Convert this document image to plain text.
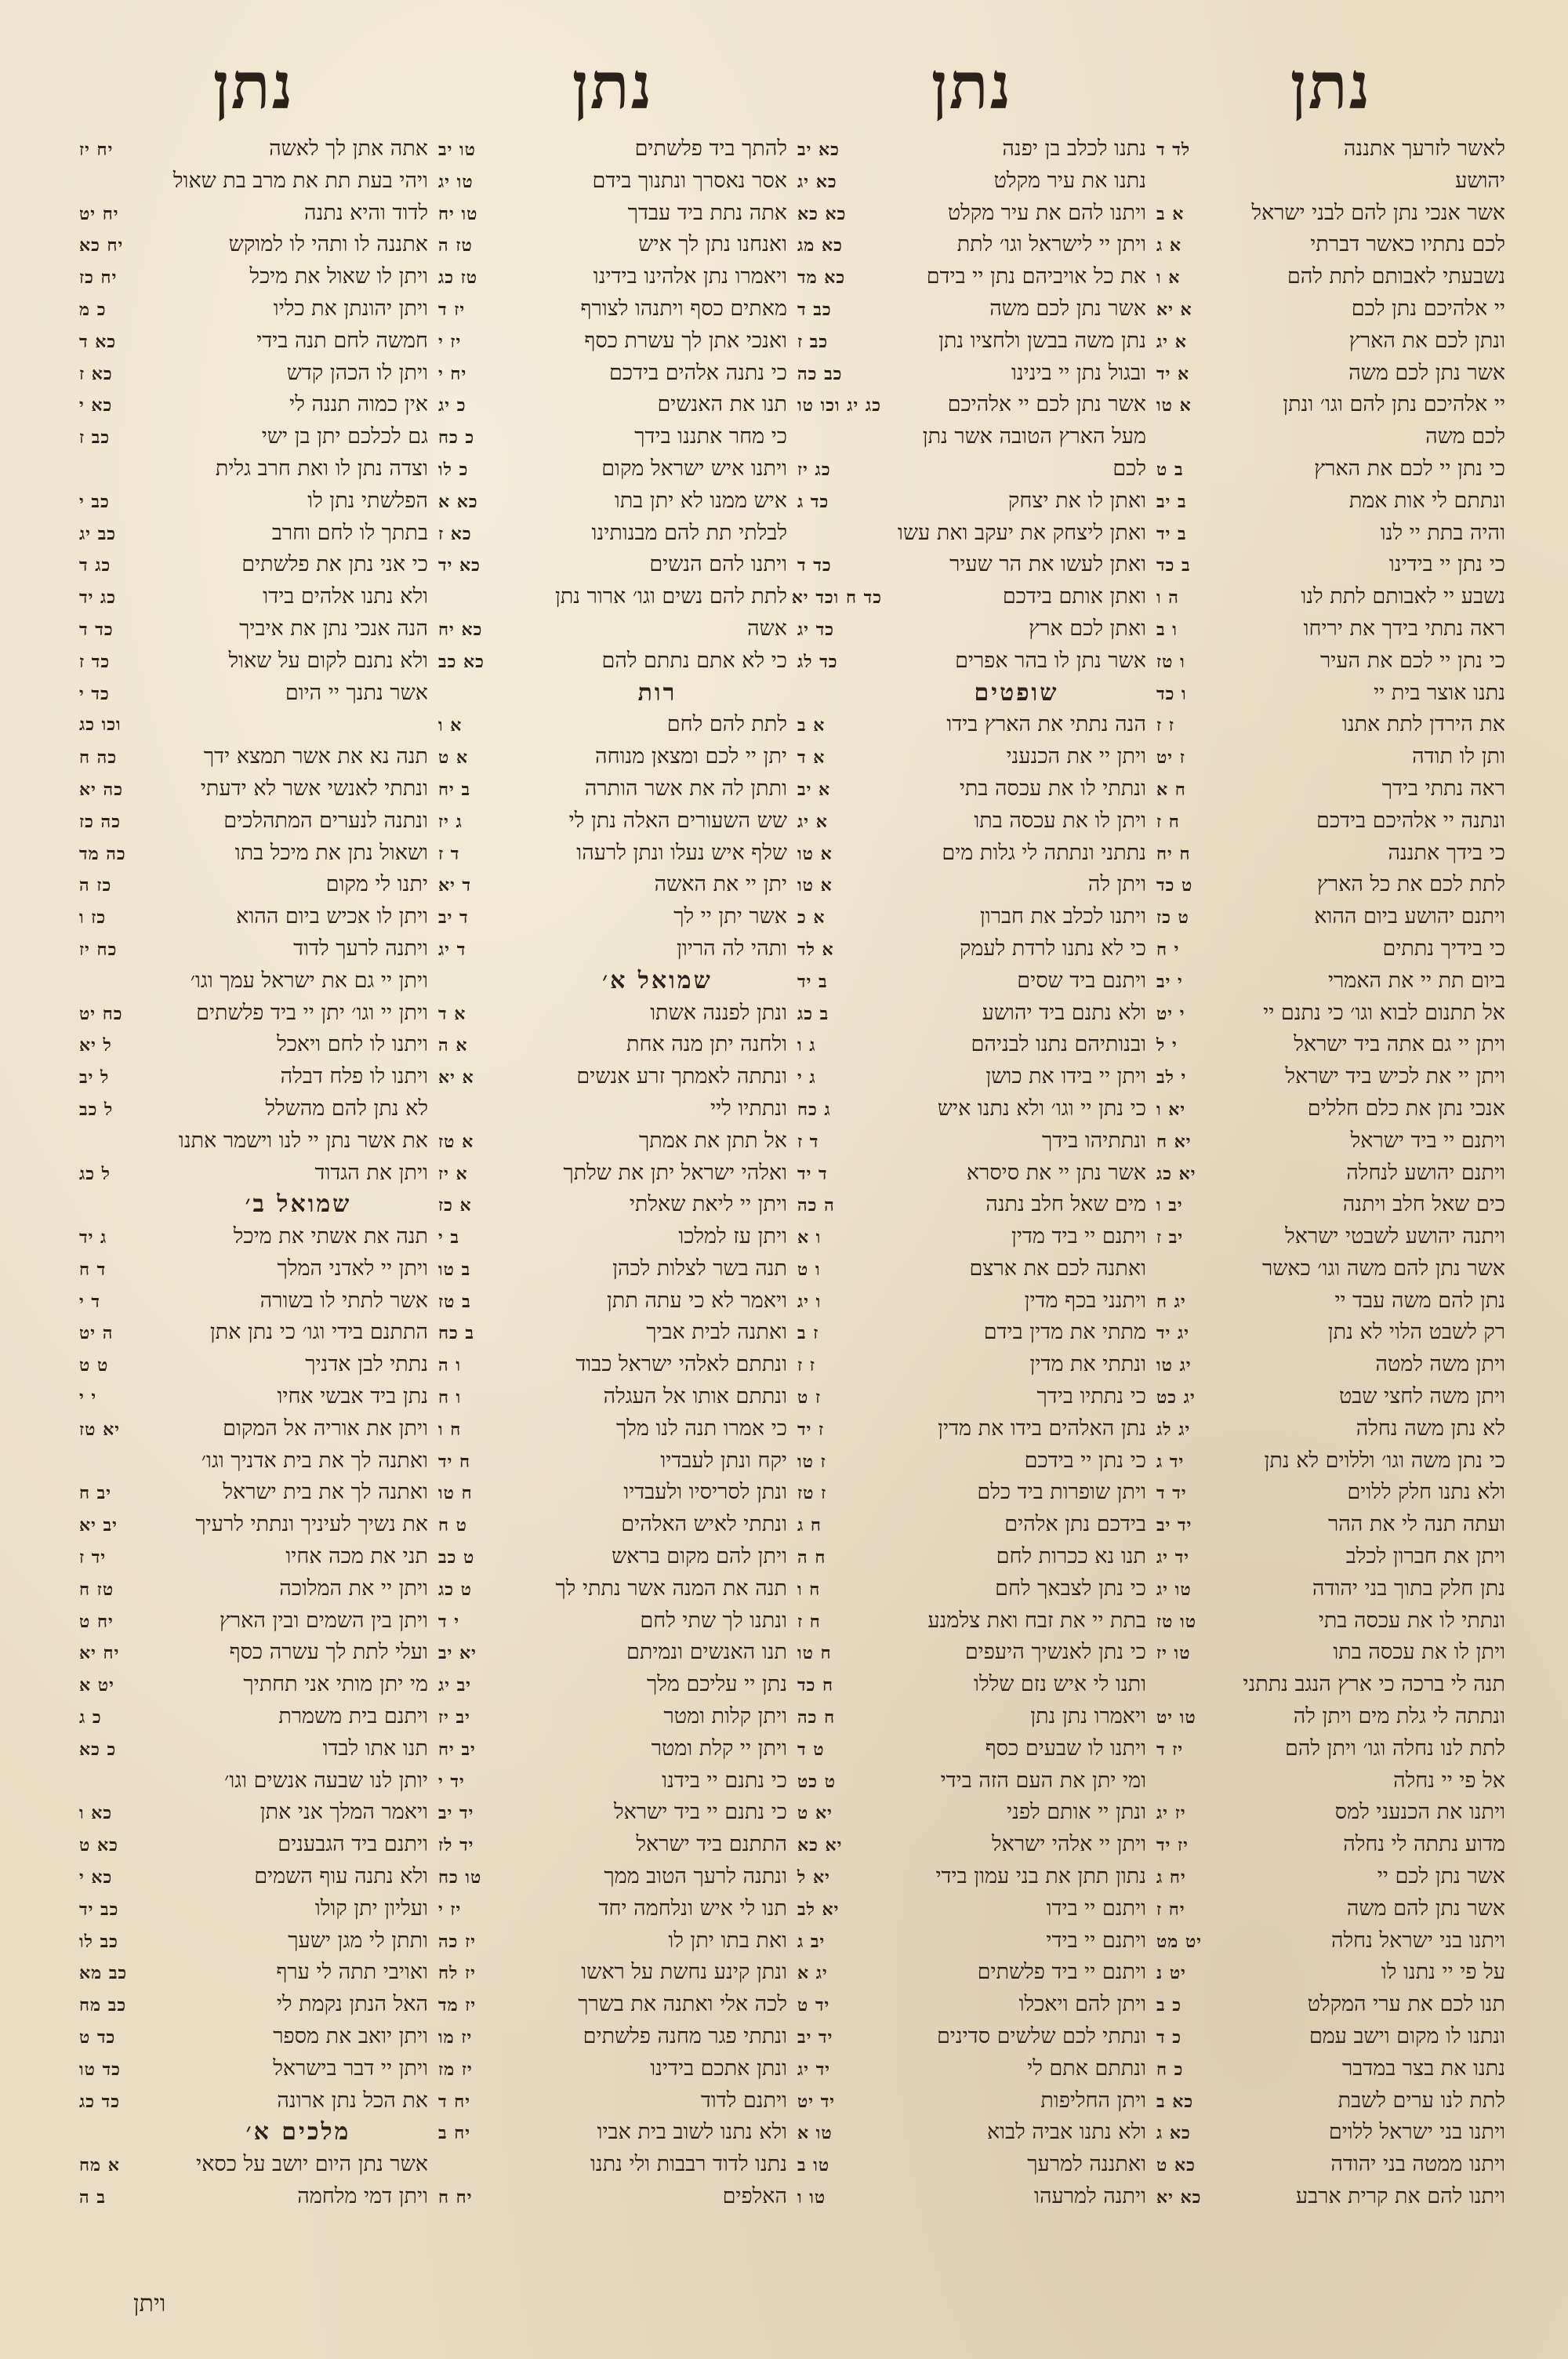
נתן
לאשר לזרעך אתננה
לד ד
יהושע
אשר אנכי נתן להם לבני ישראל
א ב
לכם נתתיו כאשר דברתי
א ג
נשבעתי לאבותם לתת להם
א ו
יי אלהיכם נתן לכם
א יא
ונתן לכם את הארץ
א יג
אשר נתן לכם משה
א יד
יי אלהיכם נתן להם וגו׳ ונתן
א טו
לכם משה
כי נתן יי לכם את הארץ
ב ט
ונתתם לי אות אמת
ב יב
והיה בתת יי לנו
ב יד
כי נתן יי בידינו
ב כד
נשבע יי לאבותם לתת לנו
ה ו
ראה נתתי בידך את יריחו
ו ב
כי נתן יי לכם את העיר
ו טז
נתנו אוצר בית יי
ו כד
את הירדן לתת אתנו
ז ז
ותן לו תודה
ז יט
ראה נתתי בידך
ח א
ונתנה יי אלהיכם בידכם
ח ז
כי בידך אתננה
ח יח
לתת לכם את כל הארץ
ט כד
ויתנם יהושע ביום ההוא
ט כז
כי בידיך נתתים
י ח
ביום תת יי את האמרי
י יב
אל תתנום לבוא וגו׳ כי נתנם יי
י יט
ויתן יי גם אתה ביד ישראל
י ל
ויתן יי את לכיש ביד ישראל
י לב
אנכי נתן את כלם חללים
יא ו
ויתנם יי ביד ישראל
יא ח
ויתנם יהושע לנחלה
יא כג
כים שאל חלב ויתנה
יב ו
ויתנה יהושע לשבטי ישראל
יב ז
אשר נתן להם משה וגו׳ כאשר
נתן להם משה עבד יי
יג ח
רק לשבט הלוי לא נתן
יג יד
ויתן משה למטה
יג טו
ויתן משה לחצי שבט
יג כט
לא נתן משה נחלה
יג לג
כי נתן משה וגו׳ וללוים לא נתן
יד ג
ולא נתנו חלק ללוים
יד ד
ועתה תנה לי את ההר
יד יב
ויתן את חברון לכלב
יד יג
נתן חלק בתוך בני יהודה
טו יג
ונתתי לו את עכסה בתי
טו טז
ויתן לו את עכסה בתו
טו יז
תנה לי ברכה כי ארץ הנגב נתתני
ונתתה לי גלת מים ויתן לה
טו יט
לתת לנו נחלה וגו׳ ויתן להם
יז ד
אל פי יי נחלה
ויתנו את הכנעני למס
יז יג
מדוע נתתה לי נחלה
יז יד
אשר נתן לכם יי
יח ג
אשר נתן להם משה
יח ז
ויתנו בני ישראל נחלה
יט מט
על פי יי נתנו לו
יט נ
תנו לכם את ערי המקלט
כ ב
ונתנו לו מקום וישב עמם
כ ד
נתנו את בצר במדבר
כ ח
לתת לנו ערים לשבת
כא ב
ויתנו בני ישראל ללוים
כא ג
ויתנו ממטה בני יהודה
כא ט
ויתנו להם את קרית ארבע
כא יא
נתן
נתנו לכלב בן יפנה
כא יב
נתנו את עיר מקלט
כא יג
ויתנו להם את עיר מקלט
כא כא
ויתן יי לישראל וגו׳ לתת
כא מג
את כל אויביהם נתן יי בידם
כא מד
אשר נתן לכם משה
כב ד
נתן משה בבשן ולחציו נתן
כב ז
ובגול נתן יי בינינו
כב כה
אשר נתן לכם יי אלהיכם
כג יג וכו טו
מעל הארץ הטובה אשר נתן
לכם
כג יז
ואתן לו את יצחק
כד ג
ואתן ליצחק את יעקב ואת עשו
ואתן לעשו את הר שעיר
כד ד
ואתן אותם בידכם
כד ח וכד יא
ואתן לכם ארץ
כד יג
אשר נתן לו בהר אפרים
כד לג
שופטים
הנה נתתי את הארץ בידו
א ב
ויתן יי את הכנעני
א ד
ונתתי לו את עכסה בתי
א יב
ויתן לו את עכסה בתו
א יג
נתתני ונתתה לי גלות מים
א טו
ויתן לה
א טו
ויתנו לכלב את חברון
א כ
כי לא נתנו לרדת לעמק
א לד
ויתנם ביד שסים
ב יד
ולא נתנם ביד יהושע
ב כג
ובנותיהם נתנו לבניהם
ג ו
ויתן יי בידו את כושן
ג י
כי נתן יי וגו׳ ולא נתנו איש
ג כח
ונתתיהו בידך
ד ז
אשר נתן יי את סיסרא
ד יד
מים שאל חלב נתנה
ה כה
ויתנם יי ביד מדין
ו א
ואתנה לכם את ארצם
ו ט
ויתנני בכף מדין
ו יג
מתתי את מדין בידם
ז ב
ונתתי את מדין
ז ז
כי נתתיו בידך
ז ט
נתן האלהים בידו את מדין
ז יד
כי נתן יי בידכם
ז טו
ויתן שופרות ביד כלם
ז טז
בידכם נתן אלהים
ח ג
תנו נא ככרות לחם
ח ה
כי נתן לצבאך לחם
ח ו
בתת יי את זבח ואת צלמנע
ח ז
כי נתן לאנשיך היעפים
ח טו
ותנו לי איש נזם שללו
ח כד
ויאמרו נתן נתן
ח כה
ויתנו לו שבעים כסף
ט ד
ומי יתן את העם הזה בידי
ט כט
ונתן יי אותם לפני
יא ט
ויתן יי אלהי ישראל
יא כא
נתון תתן את בני עמון בידי
יא ל
ויתנם יי בידו
יא לב
ויתנם יי בידי
יב ג
ויתנם יי ביד פלשתים
יג א
ויתן להם ויאכלו
יד ט
ונתתי לכם שלשים סדינים
יד יב
ונתתם אתם לי
יד יג
ויתן החליפות
יד יט
ולא נתנו אביה לבוא
טו א
ואתננה למרעך
טו ב
ויתנה למרעהו
טו ו
נתן
להתך ביד פלשתים
טו יב
אסר נאסרך ונתנוך בידם
טו יג
אתה נתת ביד עבדך
טו יח
ואנחנו נתן לך איש
טז ה
ויאמרו נתן אלהינו בידינו
טז כג
מאתים כסף ויתנהו לצורף
יז ד
ואנכי אתן לך עשרת כסף
יז י
כי נתנה אלהים בידכם
יח י
תנו את האנשים
כ יג
כי מחר אתננו בידך
כ כח
ויתנו איש ישראל מקום
כ לו
איש ממנו לא יתן בתו
כא א
לבלתי תת להם מבנותינו
כא ז
ויתנו להם הנשים
כא יד
לתת להם נשים וגו׳ ארור נתן
אשה
כא יח
כי לא אתם נתתם להם
כא כב
רות
לתת להם לחם
א ו
יתן יי לכם ומצאן מנוחה
א ט
ותתן לה את אשר הותרה
ב יח
שש השעורים האלה נתן לי
ג יז
שלף איש נעלו ונתן לרעהו
ד ז
יתן יי את האשה
ד יא
אשר יתן יי לך
ד יב
ותהי לה הריון
ד יג
שמואל א׳
ונתן לפננה אשתו
א ד
ולחנה יתן מנה אחת
א ה
ונתתה לאמתך זרע אנשים
א יא
ונתתיו ליי
אל תתן את אמתך
א טז
ואלהי ישראל יתן את שלתך
א יז
ויתן יי ליאת שאלתי
א כז
ויתן עז למלכו
ב י
תנה בשר לצלות לכהן
ב טו
ויאמר לא כי עתה תתן
ב טז
ואתנה לבית אביך
ב כח
ונתתם לאלהי ישראל כבוד
ו ה
ונתתם אותו אל העגלה
ו ח
כי אמרו תנה לנו מלך
ח ו
יקח ונתן לעבדיו
ח יד
ונתן לסריסיו ולעבדיו
ח טו
ונתתי לאיש האלהים
ט ח
ויתן להם מקום בראש
ט כב
תנה את המנה אשר נתתי לך
ט כג
ונתנו לך שתי לחם
י ד
תנו האנשים ונמיתם
יא יב
נתן יי עליכם מלך
יב יג
ויתן קלות ומטר
יב יז
ויתן יי קלת ומטר
יב יח
כי נתנם יי בידנו
יד י
כי נתנם יי ביד ישראל
יד יב
התתנם ביד ישראל
יד לז
ונתנה לרעך הטוב ממך
טו כח
תנו לי איש ונלחמה יחד
יז י
ואת בתו יתן לו
יז כה
ונתן קינע נחשת על ראשו
יז לח
לכה אלי ואתנה את בשרך
יז מד
ונתתי פגר מחנה פלשתים
יז מו
ונתן אתכם בידינו
יז מז
ויתנם לדוד
יח ד
ולא נתנו לשוב בית אביו
יח ב
נתנו לדוד רבבות ולי נתנו
האלפים
יח ח
נתן
אתה אתן לך לאשה
יח יז
ויהי בעת תת את מרב בת שאול
לדוד והיא נתנה
יח יט
אתננה לו ותהי לו למוקש
יח כא
ויתן לו שאול את מיכל
יח כז
ויתן יהונתן את כליו
כ מ
חמשה לחם תנה בידי
כא ד
ויתן לו הכהן קדש
כא ז
אין כמוה תננה לי
כא י
גם לכלכם יתן בן ישי
כב ז
וצדה נתן לו ואת חרב גלית
הפלשתי נתן לו
כב י
בתתך לו לחם וחרב
כב יג
כי אני נתן את פלשתים
כג ד
ולא נתנו אלהים בידו
כג יד
הנה אנכי נתן את איביך
כד ד
ולא נתנם לקום על שאול
כד ז
אשר נתנך יי היום
כד י
וכו כג
תנה נא את אשר תמצא ידך
כה ח
ונתתי לאנשי אשר לא ידעתי
כה יא
ונתנה לנערים המתהלכים
כה כז
ושאול נתן את מיכל בתו
כה מד
יתנו לי מקום
כז ה
ויתן לו אכיש ביום ההוא
כז ו
ויתנה לרעך לדוד
כח יז
ויתן יי גם את ישראל עמך וגו׳
ויתן יי וגו׳ יתן יי ביד פלשתים
כח יט
ויתנו לו לחם ויאכל
ל יא
ויתנו לו פלח דבלה
ל יב
לא נתן להם מהשלל
ל כב
את אשר נתן יי לנו וישמר אתנו
ויתן את הגדוד
ל כג
שמואל ב׳
תנה את אשתי את מיכל
ג יד
ויתן יי לאדני המלך
ד ח
אשר לתתי לו בשורה
ד י
התתנם בידי וגו׳ כי נתן אתן
ה יט
נתתי לבן אדניך
ט ט
נתן ביד אבשי אחיו
י י
ויתן את אוריה אל המקום
יא טז
ואתנה לך את בית אדניך וגו׳
ואתנה לך את בית ישראל
יב ח
את נשיך לעיניך ונתתי לרעיך
יב יא
תני את מכה אחיו
יד ז
ויתן יי את המלוכה
טז ח
ויתן בין השמים ובין הארץ
יח ט
ועלי לתת לך עשרה כסף
יח יא
מי יתן מותי אני תחתיך
יט א
ויתנם בית משמרת
כ ג
תנו אתו לבדו
כ כא
יותן לנו שבעה אנשים וגו׳
ויאמר המלך אני אתן
כא ו
ויתנם ביד הגבענים
כא ט
ולא נתנה עוף השמים
כא י
ועליון יתן קולו
כב יד
ותתן לי מגן ישעך
כב לו
ואויבי תתה לי ערף
כב מא
האל הנתן נקמת לי
כב מח
ויתן יואב את מספר
כד ט
ויתן יי דבר בישראל
כד טו
את הכל נתן ארונה
כד כג
מלכים א׳
אשר נתן היום יושב על כסאי
א מח
ויתן דמי מלחמה
ב ה
ויתן
